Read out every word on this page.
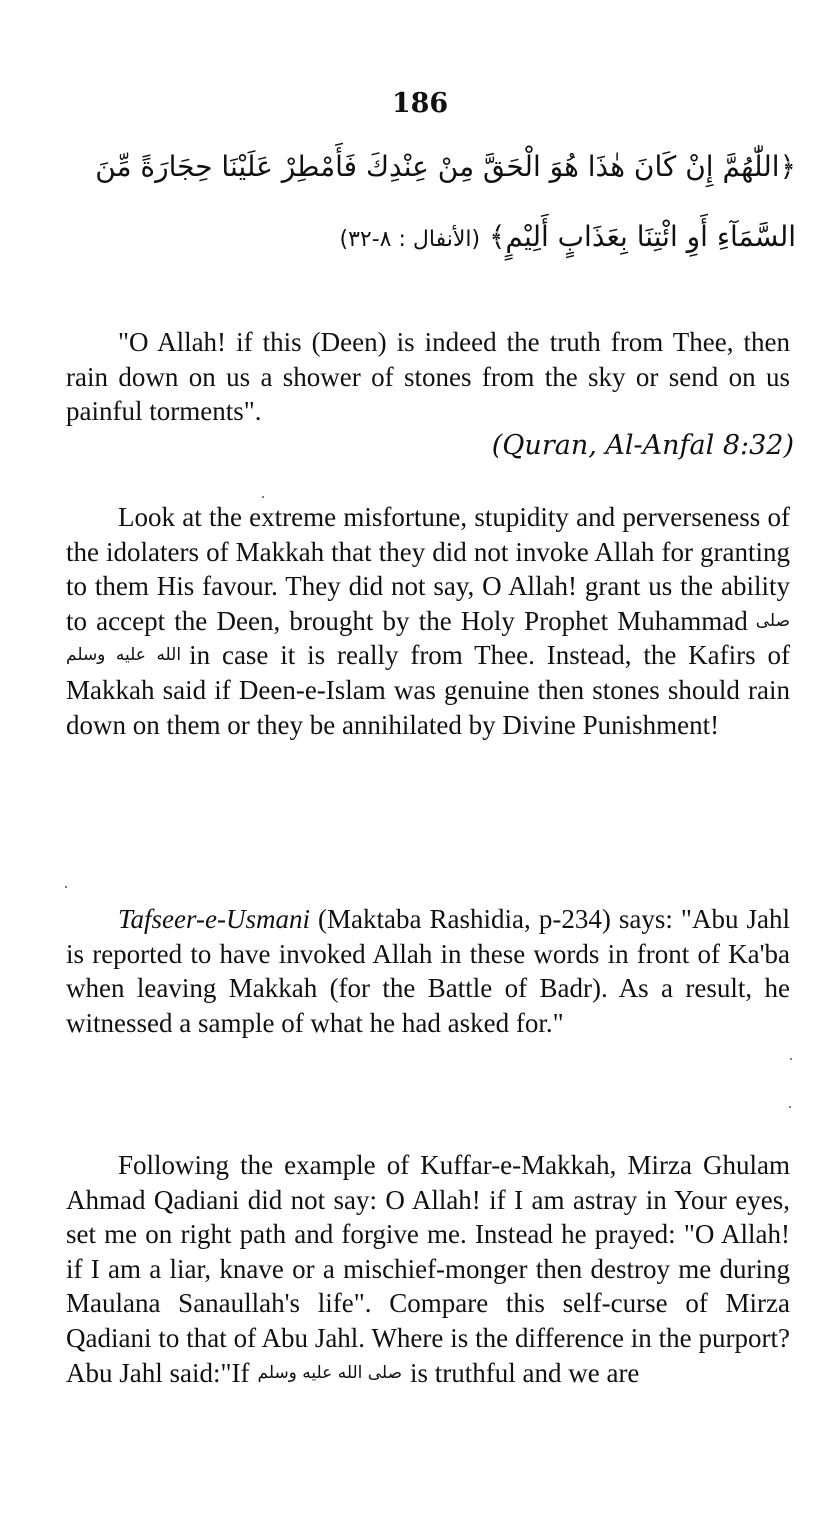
186
﴿اللّٰهُمَّ إِنْ كَانَ هٰذَا هُوَ الْحَقَّ مِنْ عِنْدِكَ فَأَمْطِرْ عَلَيْنَا حِجَارَةً مِّنَ
السَّمَآءِ أَوِ ائْتِنَا بِعَذَابٍ أَلِيْمٍ﴾ (الأنفال : ٨-٣٢)
"O Allah! if this (Deen) is indeed the truth from Thee, then rain down on us a shower of stones from the sky or send on us painful torments".
(Quran, Al-Anfal 8:32)
Look at the extreme misfortune, stupidity and perverseness of the idolaters of Makkah that they did not invoke Allah for granting to them His favour. They did not say, O Allah! grant us the ability to accept the Deen, brought by the Holy Prophet Muhammad صلى الله عليه وسلم in case it is really from Thee. Instead, the Kafirs of Makkah said if Deen-e-Islam was genuine then stones should rain down on them or they be annihilated by Divine Punishment!
Tafseer-e-Usmani (Maktaba Rashidia, p-234) says: "Abu Jahl is reported to have invoked Allah in these words in front of Ka'ba when leaving Makkah (for the Battle of Badr). As a result, he witnessed a sample of what he had asked for."
Following the example of Kuffar-e-Makkah, Mirza Ghulam Ahmad Qadiani did not say: O Allah! if I am astray in Your eyes, set me on right path and forgive me. Instead he prayed: "O Allah! if I am a liar, knave or a mischief-monger then destroy me during Maulana Sanaullah's life". Compare this self-curse of Mirza Qadiani to that of Abu Jahl. Where is the difference in the purport? Abu Jahl said:"If صلى الله عليه وسلم is truthful and we are
